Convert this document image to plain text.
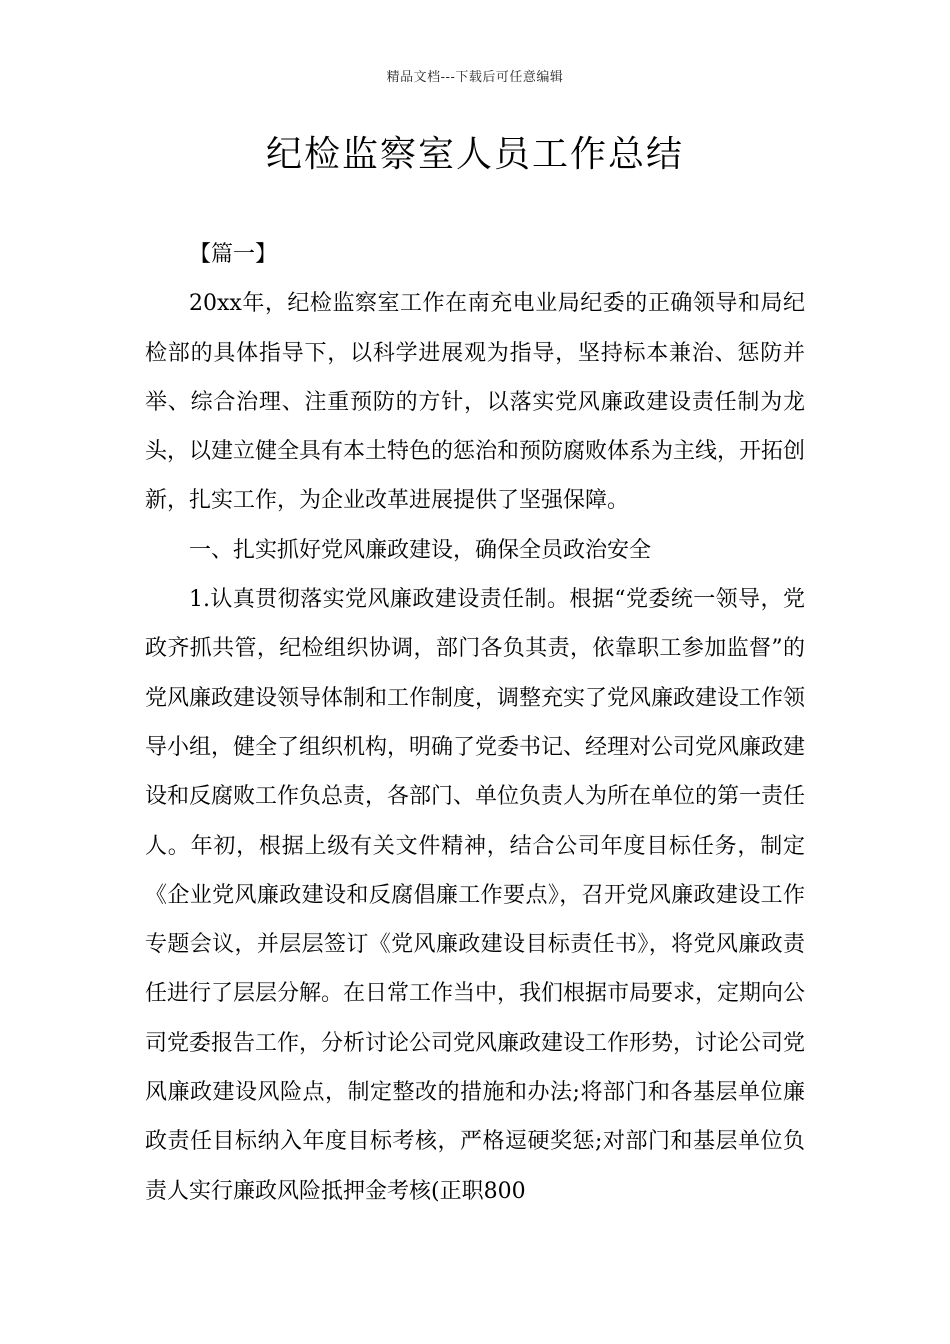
精品文档---下载后可任意编辑
纪检监察室人员工作总结

【篇一】

20xx年，纪检监察室工作在南充电业局纪委的正确领导和局纪检部的具体指导下，以科学进展观为指导，坚持标本兼治、惩防并举、综合治理、注重预防的方针，以落实党风廉政建设责任制为龙头，以建立健全具有本土特色的惩治和预防腐败体系为主线，开拓创新，扎实工作，为企业改革进展提供了坚强保障。

一、扎实抓好党风廉政建设，确保全员政治安全

1.认真贯彻落实党风廉政建设责任制。根据“党委统一领导，党政齐抓共管，纪检组织协调，部门各负其责，依靠职工参加监督”的党风廉政建设领导体制和工作制度，调整充实了党风廉政建设工作领导小组，健全了组织机构，明确了党委书记、经理对公司党风廉政建设和反腐败工作负总责，各部门、单位负责人为所在单位的第一责任人。年初，根据上级有关文件精神，结合公司年度目标任务，制定《企业党风廉政建设和反腐倡廉工作要点》，召开党风廉政建设工作专题会议，并层层签订《党风廉政建设目标责任书》，将党风廉政责任进行了层层分解。在日常工作当中，我们根据市局要求，定期向公司党委报告工作，分析讨论公司党风廉政建设工作形势，讨论公司党风廉政建设风险点，制定整改的措施和办法;将部门和各基层单位廉政责任目标纳入年度目标考核，严格逗硬奖惩;对部门和基层单位负责人实行廉政风险抵押金考核(正职800
